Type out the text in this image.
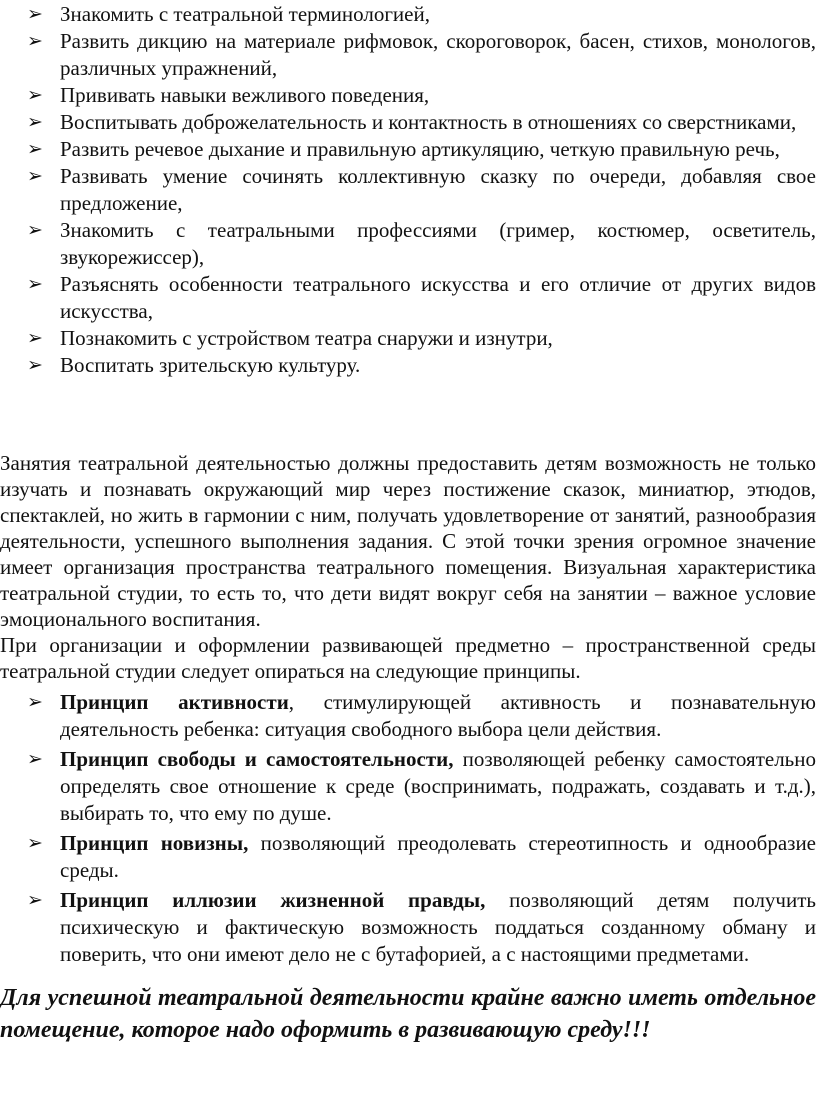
➢ Знакомить с театральной терминологией,
➢ Развить дикцию на материале рифмовок, скороговорок, басен, стихов, монологов, различных упражнений,
➢ Прививать навыки вежливого поведения,
➢ Воспитывать доброжелательность и контактность в отношениях со сверстниками,
➢ Развить речевое дыхание и правильную артикуляцию, четкую правильную речь,
➢ Развивать умение сочинять коллективную сказку по очереди, добавляя свое предложение,
➢ Знакомить с театральными профессиями (гример, костюмер, осветитель, звукорежиссер),
➢ Разъяснять особенности театрального искусства и его отличие от других видов искусства,
➢ Познакомить с устройством театра снаружи и изнутри,
➢ Воспитать зрительскую культуру.

Занятия театральной деятельностью должны предоставить детям возможность не только изучать и познавать окружающий мир через постижение сказок, миниатюр, этюдов, спектаклей, но жить в гармонии с ним, получать удовлетворение от занятий, разнообразия деятельности, успешного выполнения задания. С этой точки зрения огромное значение имеет организация пространства театрального помещения. Визуальная характеристика театральной студии, то есть то, что дети видят вокруг себя на занятии – важное условие эмоционального воспитания.

При организации и оформлении развивающей предметно – пространственной среды театральной студии следует опираться на следующие принципы.

➢ Принцип активности, стимулирующей активность и познавательную деятельность ребенка: ситуация свободного выбора цели действия.
➢ Принцип свободы и самостоятельности, позволяющей ребенку самостоятельно определять свое отношение к среде (воспринимать, подражать, создавать и т.д.), выбирать то, что ему по душе.
➢ Принцип новизны, позволяющий преодолевать стереотипность и однообразие среды.
➢ Принцип иллюзии жизненной правды, позволяющий детям получить психическую и фактическую возможность поддаться созданному обману и поверить, что они имеют дело не с бутафорией, а с настоящими предметами.

Для успешной театральной деятельности крайне важно иметь отдельное помещение, которое надо оформить в развивающую среду!!!
